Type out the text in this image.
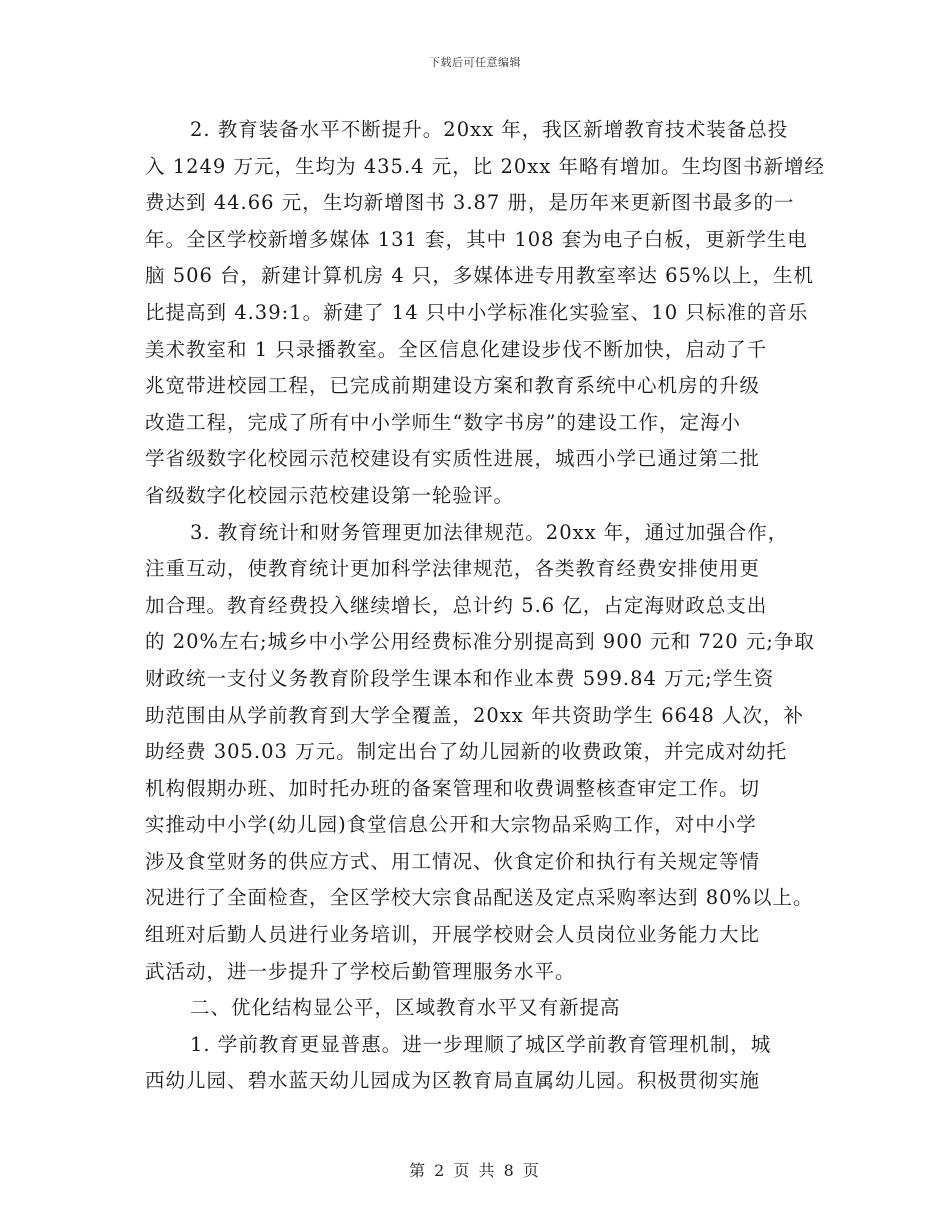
下载后可任意编辑
2. 教育装备水平不断提升。20xx 年，我区新增教育技术装备总投
入 1249 万元，生均为 435.4 元，比 20xx 年略有增加。生均图书新增经
费达到 44.66 元，生均新增图书 3.87 册，是历年来更新图书最多的一
年。全区学校新增多媒体 131 套，其中 108 套为电子白板，更新学生电
脑 506 台，新建计算机房 4 只，多媒体进专用教室率达 65%以上，生机
比提高到 4.39:1。新建了 14 只中小学标准化实验室、10 只标准的音乐
美术教室和 1 只录播教室。全区信息化建设步伐不断加快，启动了千
兆宽带进校园工程，已完成前期建设方案和教育系统中心机房的升级
改造工程，完成了所有中小学师生“数字书房”的建设工作，定海小
学省级数字化校园示范校建设有实质性进展，城西小学已通过第二批
省级数字化校园示范校建设第一轮验评。
3. 教育统计和财务管理更加法律规范。20xx 年，通过加强合作，
注重互动，使教育统计更加科学法律规范，各类教育经费安排使用更
加合理。教育经费投入继续增长，总计约 5.6 亿，占定海财政总支出
的 20%左右;城乡中小学公用经费标准分别提高到 900 元和 720 元;争取
财政统一支付义务教育阶段学生课本和作业本费 599.84 万元;学生资
助范围由从学前教育到大学全覆盖，20xx 年共资助学生 6648 人次，补
助经费 305.03 万元。制定出台了幼儿园新的收费政策，并完成对幼托
机构假期办班、加时托办班的备案管理和收费调整核查审定工作。切
实推动中小学(幼儿园)食堂信息公开和大宗物品采购工作，对中小学
涉及食堂财务的供应方式、用工情况、伙食定价和执行有关规定等情
况进行了全面检查，全区学校大宗食品配送及定点采购率达到 80%以上。
组班对后勤人员进行业务培训，开展学校财会人员岗位业务能力大比
武活动，进一步提升了学校后勤管理服务水平。
二、优化结构显公平，区域教育水平又有新提高
1. 学前教育更显普惠。进一步理顺了城区学前教育管理机制，城
西幼儿园、碧水蓝天幼儿园成为区教育局直属幼儿园。积极贯彻实施
第 2 页 共 8 页
